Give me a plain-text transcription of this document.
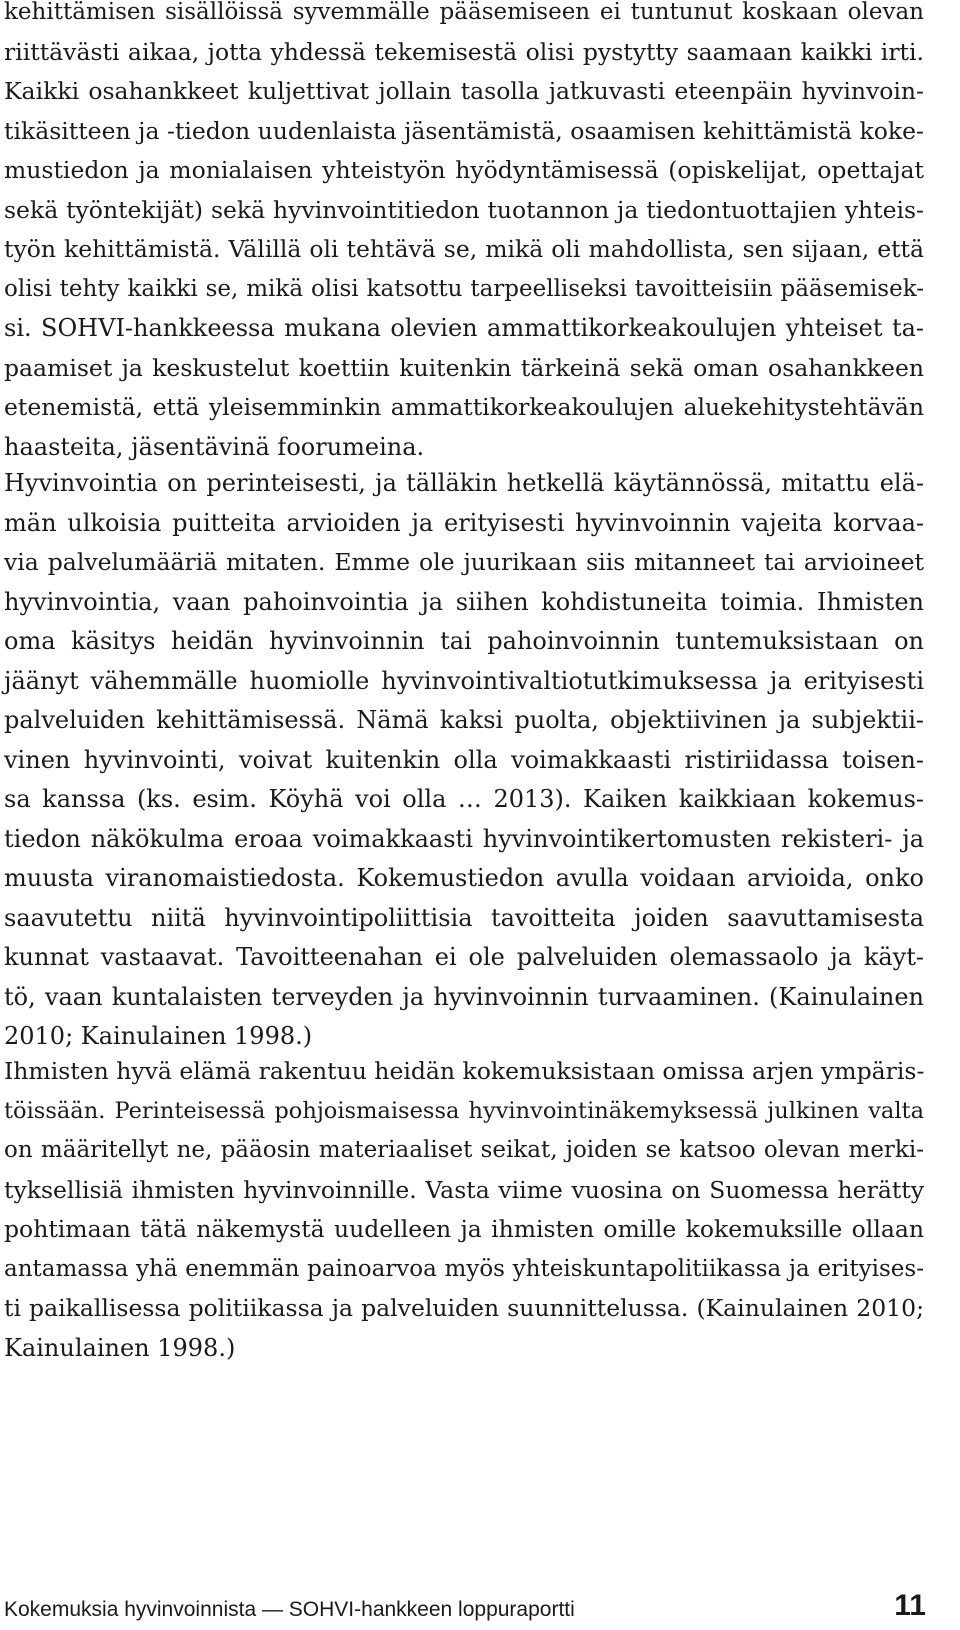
kehittämisen sisällöissä syvemmälle pääsemiseen ei tuntunut koskaan olevan
riittävästi aikaa, jotta yhdessä tekemisestä olisi pystytty saamaan kaikki irti.
Kaikki osahankkeet kuljettivat jollain tasolla jatkuvasti eteenpäin hyvinvoin-
tikäsitteen ja -tiedon uudenlaista jäsentämistä, osaamisen kehittämistä koke-
mustiedon ja monialaisen yhteistyön hyödyntämisessä (opiskelijat, opettajat
sekä työntekijät) sekä hyvinvointitiedon tuotannon ja tiedontuottajien yhteis-
työn kehittämistä. Välillä oli tehtävä se, mikä oli mahdollista, sen sijaan, että
olisi tehty kaikki se, mikä olisi katsottu tarpeelliseksi tavoitteisiin pääsemisek-
si. SOHVI-hankkeessa mukana olevien ammattikorkeakoulujen yhteiset ta-
paamiset ja keskustelut koettiin kuitenkin tärkeinä sekä oman osahankkeen
etenemistä, että yleisemminkin ammattikorkeakoulujen aluekehitystehtävän
haasteita, jäsentävinä foorumeina.
Hyvinvointia on perinteisesti, ja tälläkin hetkellä käytännössä, mitattu elä-
män ulkoisia puitteita arvioiden ja erityisesti hyvinvoinnin vajeita korvaa-
via palvelumääriä mitaten. Emme ole juurikaan siis mitanneet tai arvioineet
hyvinvointia, vaan pahoinvointia ja siihen kohdistuneita toimia. Ihmisten
oma käsitys heidän hyvinvoinnin tai pahoinvoinnin tuntemuksistaan on
jäänyt vähemmälle huomiolle hyvinvointivaltiotutkimuksessa ja erityisesti
palveluiden kehittämisessä. Nämä kaksi puolta, objektiivinen ja subjektii-
vinen hyvinvointi, voivat kuitenkin olla voimakkaasti ristiriidassa toisen-
sa kanssa (ks. esim. Köyhä voi olla … 2013). Kaiken kaikkiaan kokemus-
tiedon näkökulma eroaa voimakkaasti hyvinvointikertomusten rekisteri- ja
muusta viranomaistiedosta. Kokemustiedon avulla voidaan arvioida, onko
saavutettu niitä hyvinvointipoliittisia tavoitteita joiden saavuttamisesta
kunnat vastaavat. Tavoitteenahan ei ole palveluiden olemassaolo ja käyt-
tö, vaan kuntalaisten terveyden ja hyvinvoinnin turvaaminen. (Kainulainen
2010; Kainulainen 1998.)
Ihmisten hyvä elämä rakentuu heidän kokemuksistaan omissa arjen ympäris-
töissään. Perinteisessä pohjoismaisessa hyvinvointinäkemyksessä julkinen valta
on määritellyt ne, pääosin materiaaliset seikat, joiden se katsoo olevan merki-
tyksellisiä ihmisten hyvinvoinnille. Vasta viime vuosina on Suomessa herätty
pohtimaan tätä näkemystä uudelleen ja ihmisten omille kokemuksille ollaan
antamassa yhä enemmän painoarvoa myös yhteiskuntapolitiikassa ja erityises-
ti paikallisessa politiikassa ja palveluiden suunnittelussa. (Kainulainen 2010;
Kainulainen 1998.)
Kokemuksia hyvinvoinnista — SOHVI-hankkeen loppuraportti	11
